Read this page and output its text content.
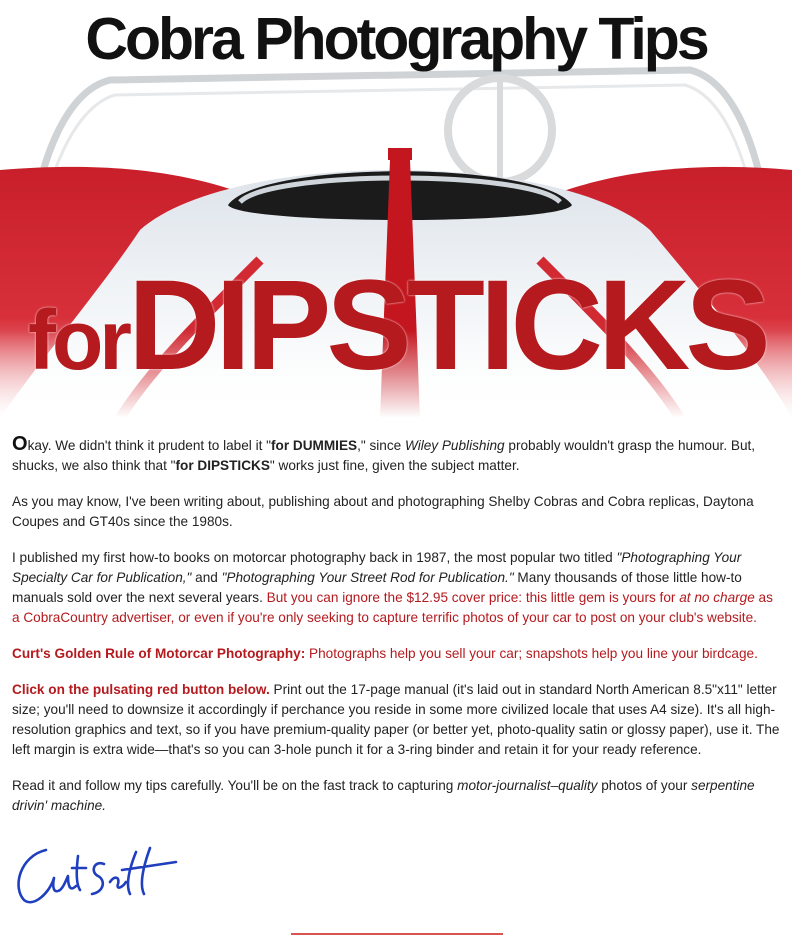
Cobra Photography Tips
forDIPSTICKS

Okay. We didn't think it prudent to label it "for DUMMIES," since Wiley Publishing probably wouldn't grasp the humour. But, shucks, we also think that "for DIPSTICKS" works just fine, given the subject matter.

As you may know, I've been writing about, publishing about and photographing Shelby Cobras and Cobra replicas, Daytona Coupes and GT40s since the 1980s.

I published my first how-to books on motorcar photography back in 1987, the most popular two titled "Photographing Your Specialty Car for Publication," and "Photographing Your Street Rod for Publication." Many thousands of those little how-to manuals sold over the next several years. But you can ignore the $12.95 cover price: this little gem is yours for at no charge as a CobraCountry advertiser, or even if you're only seeking to capture terrific photos of your car to post on your club's website.

Curt's Golden Rule of Motorcar Photography: Photographs help you sell your car; snapshots help you line your birdcage.

Click on the pulsating red button below. Print out the 17-page manual (it's laid out in standard North American 8.5"x11" letter size; you'll need to downsize it accordingly if perchance you reside in some more civilized locale that uses A4 size). It's all high-resolution graphics and text, so if you have premium-quality paper (or better yet, photo-quality satin or glossy paper), use it. The left margin is extra wide—that's so you can 3-hole punch it for a 3-ring binder and retain it for your ready reference.

Read it and follow my tips carefully. You'll be on the fast track to capturing motor-journalist–quality photos of your serpentine drivin' machine.
